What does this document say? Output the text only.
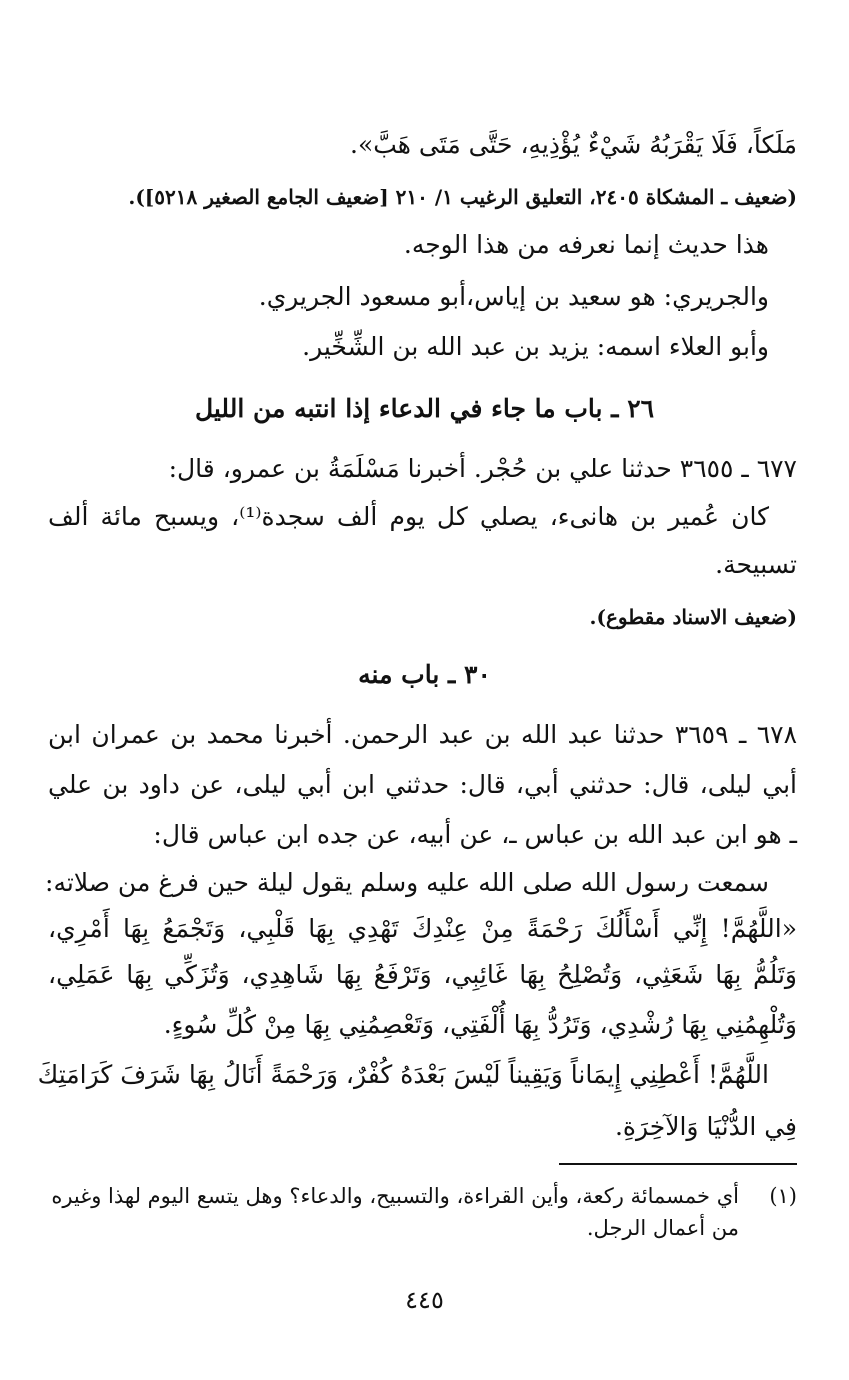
مَلَكاً، فَلَا يَقْرَبُهُ شَيْءٌ يُؤْذِيهِ، حَتَّى مَتَى هَبَّ».
(ضعيف ـ المشكاة ٢٤٠٥، التعليق الرغيب ١/ ٢١٠ [ضعيف الجامع الصغير ٥٢١٨]).
هذا حديث إنما نعرفه من هذا الوجه.
والجريري: هو سعيد بن إياس،أبو مسعود الجريري.
وأبو العلاء اسمه: يزيد بن عبد الله بن الشِّخِّير.
٢٦ ـ باب ما جاء في الدعاء إذا انتبه من الليل
٦٧٧ ـ ٣٦٥٥ حدثنا علي بن حُجْر. أخبرنا مَسْلَمَةُ بن عمرو، قال:
كان عُمير بن هانىء، يصلي كل يوم ألف سجدة⁽¹⁾، ويسبح مائة ألف
تسبيحة.
(ضعيف الاسناد مقطوع).
٣٠ ـ باب منه
٦٧٨ ـ ٣٦٥٩ حدثنا عبد الله بن عبد الرحمن. أخبرنا محمد بن عمران ابن
أبي ليلى، قال: حدثني أبي، قال: حدثني ابن أبي ليلى، عن داود بن علي
ـ هو ابن عبد الله بن عباس ـ، عن أبيه، عن جده ابن عباس قال:
سمعت رسول الله صلى الله عليه وسلم يقول ليلة حين فرغ من صلاته:
«اللَّهُمَّ! إِنِّي أَسْأَلُكَ رَحْمَةً مِنْ عِنْدِكَ تَهْدِي بِهَا قَلْبِي، وَتَجْمَعُ بِهَا أَمْرِي،
وَتَلُمُّ بِهَا شَعَثِي، وَتُصْلِحُ بِهَا غَائِبِي، وَتَرْفَعُ بِهَا شَاهِدِي، وَتُزَكِّي بِهَا عَمَلِي،
وَتُلْهِمُنِي بِهَا رُشْدِي، وَتَرُدُّ بِهَا أُلْفَتِي، وَتَعْصِمُنِي بِهَا مِنْ كُلِّ سُوءٍ.
اللَّهُمَّ! أَعْطِنِي إِيمَاناً وَيَقِيناً لَيْسَ بَعْدَهُ كُفْرٌ، وَرَحْمَةً أَنَالُ بِهَا شَرَفَ كَرَامَتِكَ
فِي الدُّنْيَا وَالآخِرَةِ.
(١)
أي خمسمائة ركعة، وأين القراءة، والتسبيح، والدعاء؟ وهل يتسع اليوم لهذا وغيره من أعمال الرجل.
٤٤٥
